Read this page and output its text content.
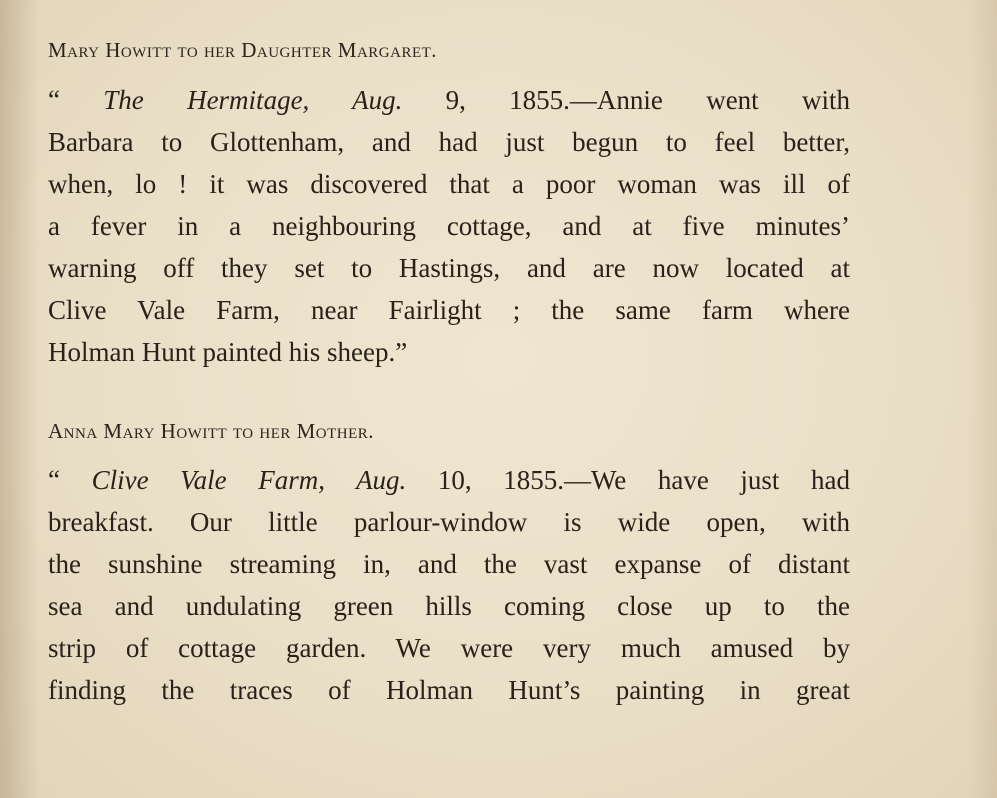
Mary Howitt to her Daughter Margaret.
“ The Hermitage, Aug. 9, 1855.—Annie went with
Barbara to Glottenham, and had just begun to feel better,
when, lo ! it was discovered that a poor woman was ill of
a fever in a neighbouring cottage, and at five minutes’
warning off they set to Hastings, and are now located at
Clive Vale Farm, near Fairlight ; the same farm where
Holman Hunt painted his sheep.”
Anna Mary Howitt to her Mother.
“ Clive Vale Farm, Aug. 10, 1855.—We have just had
breakfast. Our little parlour-window is wide open, with
the sunshine streaming in, and the vast expanse of distant
sea and undulating green hills coming close up to the
strip of cottage garden. We were very much amused by
finding the traces of Holman Hunt’s painting in great
